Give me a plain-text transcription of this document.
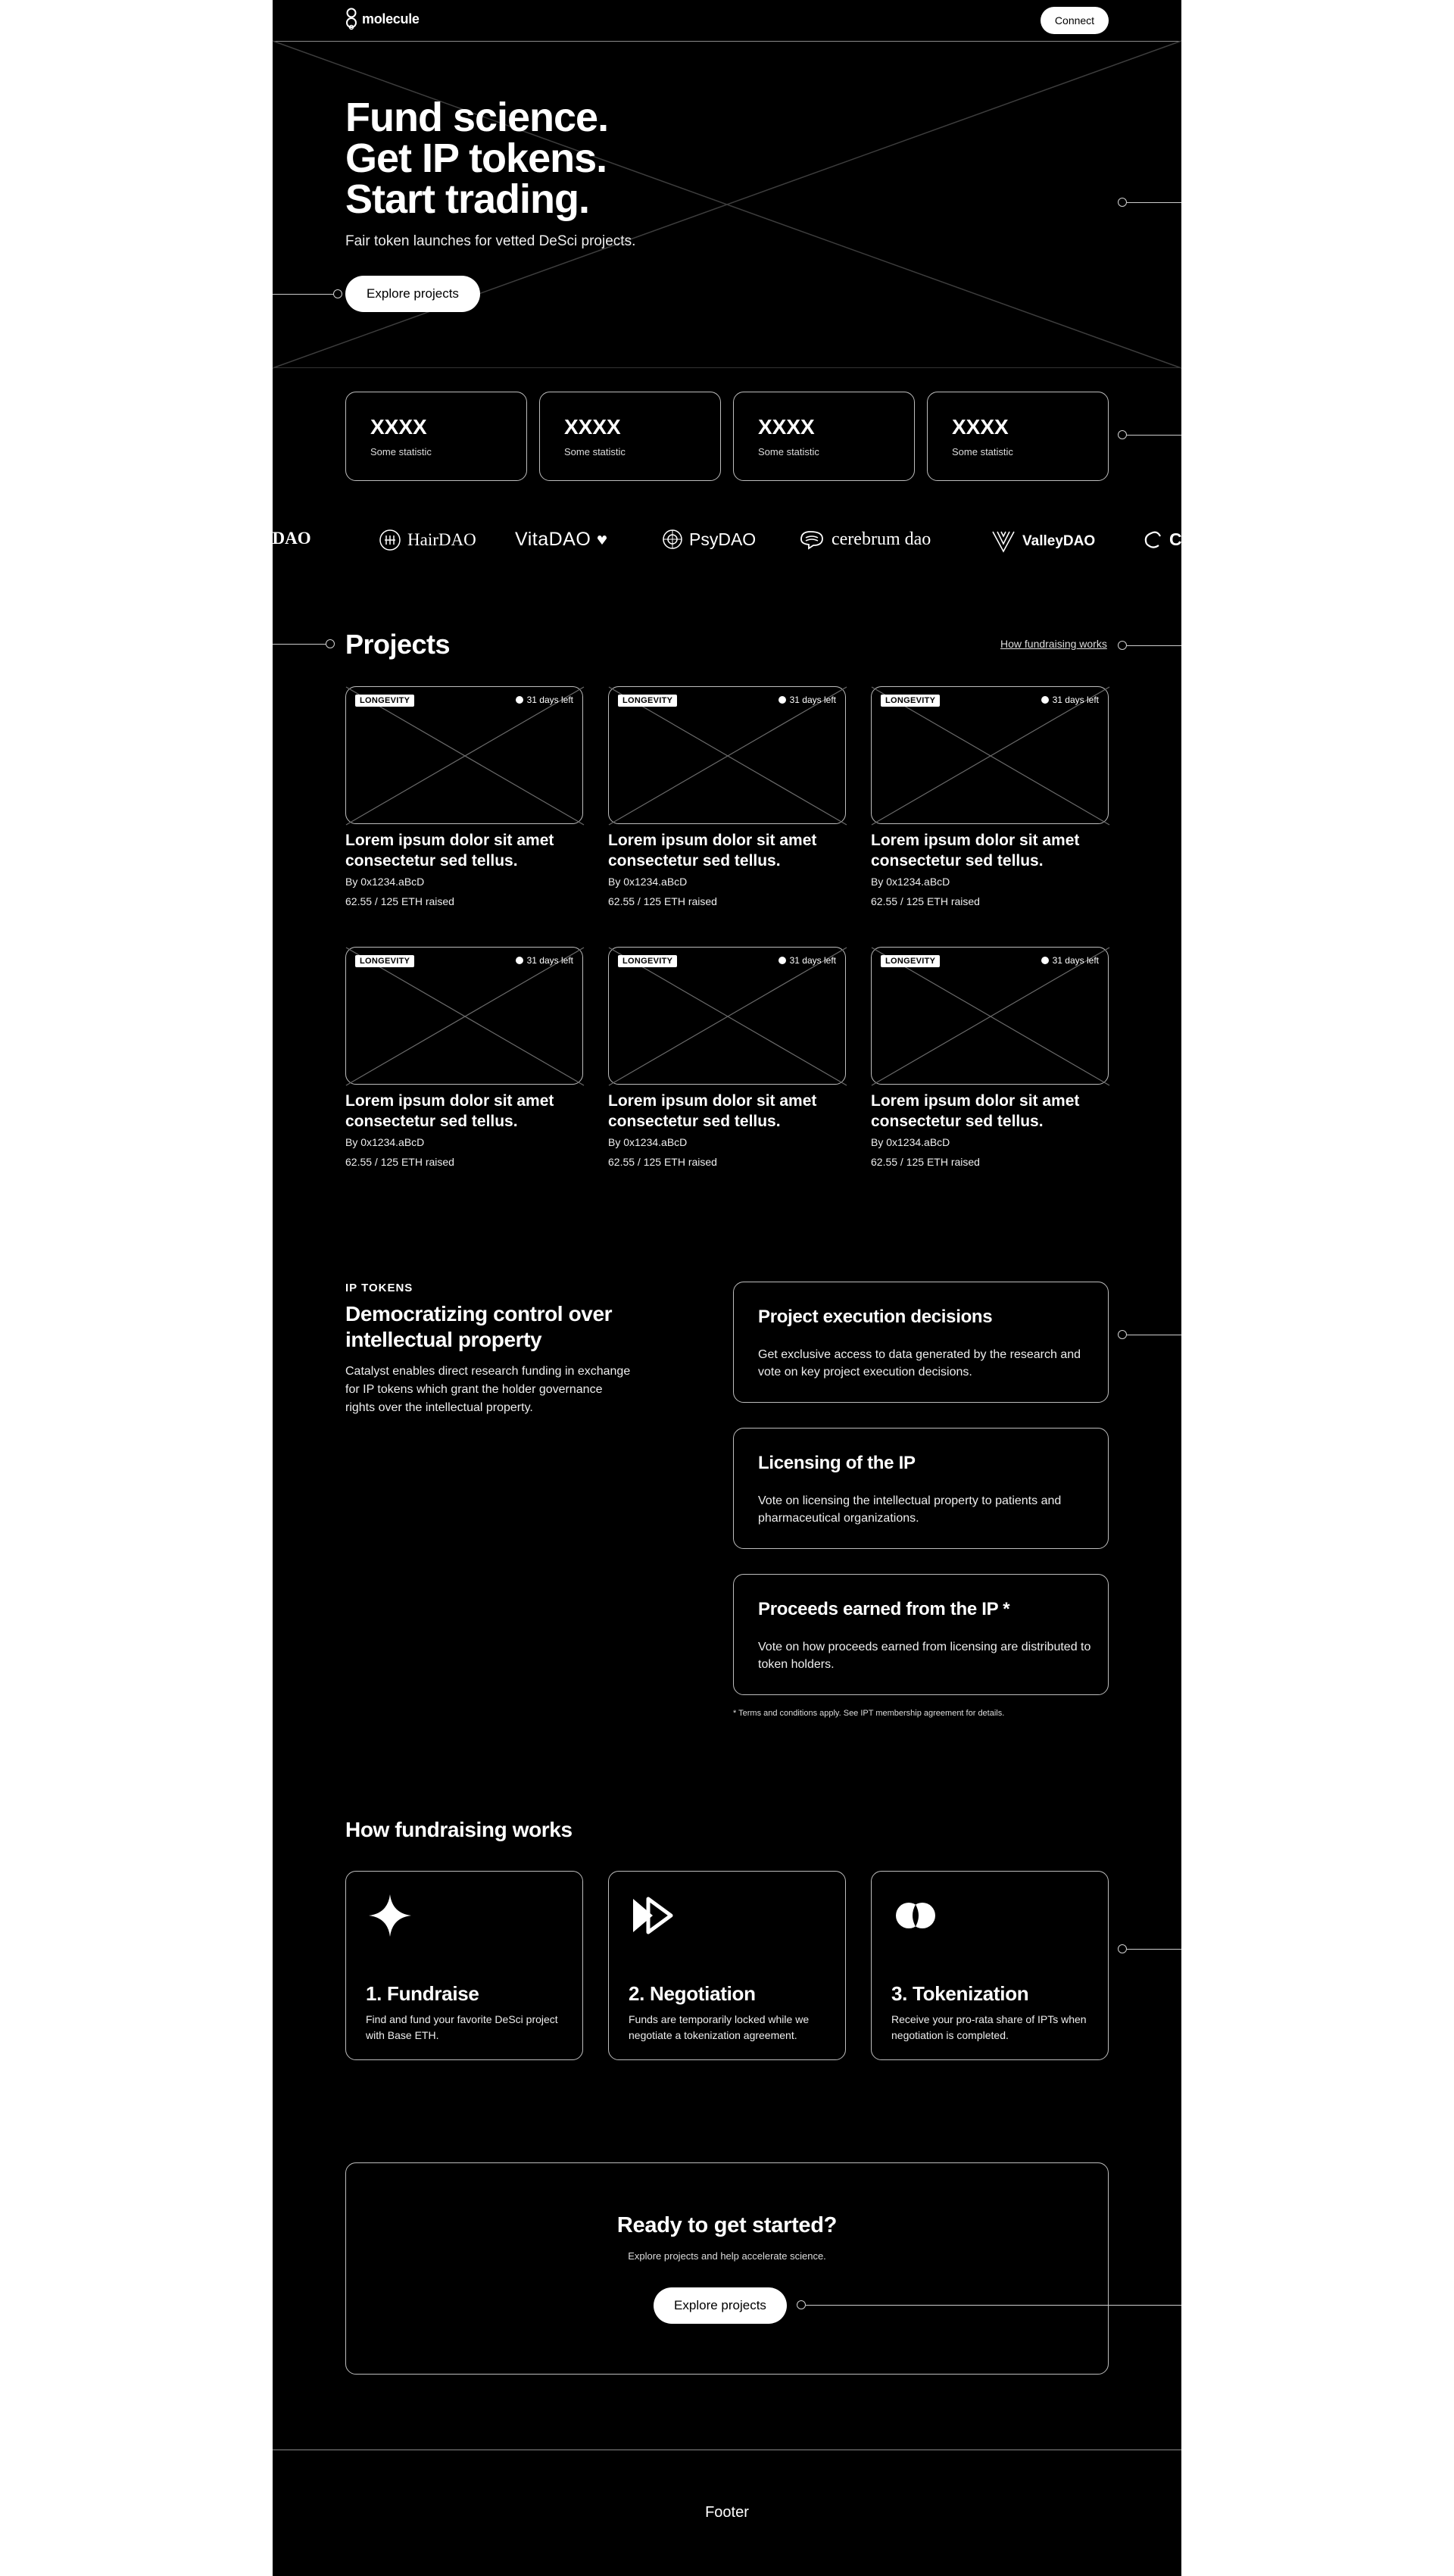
molecule	Connect
Fund science.
Get IP tokens.
Start trading.
Fair token launches for vetted DeSci projects.
Explore projects
XXXX
Some statistic
XXXX
Some statistic
XXXX
Some statistic
XXXX
Some statistic
aDAO	HairDAO VitaDAO	PsyDAO	cerebrum dao	ValleyDAO	C
Projects	How fundraising works
LONGEVITY	31 days left
Lorem ipsum dolor sit amet consectetur sed tellus.
By 0x1234.aBcD
62.55 / 125 ETH raised
LONGEVITY	31 days left
Lorem ipsum dolor sit amet consectetur sed tellus.
By 0x1234.aBcD
62.55 / 125 ETH raised
LONGEVITY	31 days left
Lorem ipsum dolor sit amet consectetur sed tellus.
By 0x1234.aBcD
62.55 / 125 ETH raised
LONGEVITY	31 days left
Lorem ipsum dolor sit amet consectetur sed tellus.
By 0x1234.aBcD
62.55 / 125 ETH raised
LONGEVITY	31 days left
Lorem ipsum dolor sit amet consectetur sed tellus.
By 0x1234.aBcD
62.55 / 125 ETH raised
LONGEVITY	31 days left
Lorem ipsum dolor sit amet consectetur sed tellus.
By 0x1234.aBcD
62.55 / 125 ETH raised
IP TOKENS
Democratizing control over intellectual property
Catalyst enables direct research funding in exchange for IP tokens which grant the holder governance rights over the intellectual property.
Project execution decisions
Get exclusive access to data generated by the research and vote on key project execution decisions.
Licensing of the IP
Vote on licensing the intellectual property to patients and pharmaceutical organizations.
Proceeds earned from the IP *
Vote on how proceeds earned from licensing are distributed to token holders.
* Terms and conditions apply. See IPT membership agreement for details.
How fundraising works
1. Fundraise
Find and fund your favorite DeSci project with Base ETH.
2. Negotiation
Funds are temporarily locked while we negotiate a tokenization agreement.
3. Tokenization
Receive your pro-rata share of IPTs when negotiation is completed.
Ready to get started?
Explore projects and help accelerate science.
Explore projects
Footer
